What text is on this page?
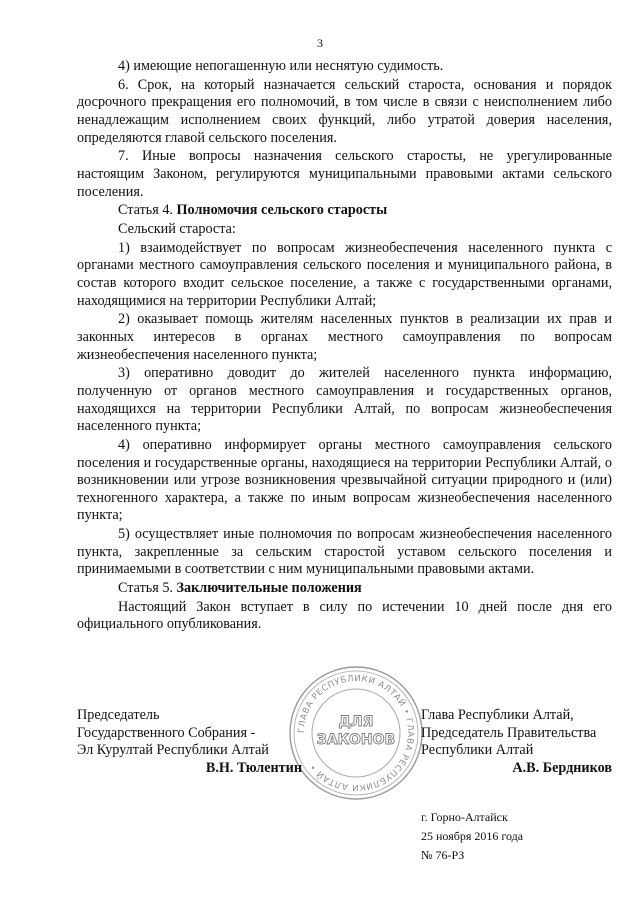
3

4) имеющие непогашенную или неснятую судимость.

6. Срок, на который назначается сельский староста, основания и порядок досрочного прекращения его полномочий, в том числе в связи с неисполнением либо ненадлежащим исполнением своих функций, либо утратой доверия населения, определяются главой сельского поселения.

7. Иные вопросы назначения сельского старосты, не урегулированные настоящим Законом, регулируются муниципальными правовыми актами сельского поселения.

Статья 4. Полномочия сельского старосты

Сельский староста:

1) взаимодействует по вопросам жизнеобеспечения населенного пункта с органами местного самоуправления сельского поселения и муниципального района, в состав которого входит сельское поселение, а также с государственными органами, находящимися на территории Республики Алтай;

2) оказывает помощь жителям населенных пунктов в реализации их прав и законных интересов в органах местного самоуправления по вопросам жизнеобеспечения населенного пункта;

3) оперативно доводит до жителей населенного пункта информацию, полученную от органов местного самоуправления и государственных органов, находящихся на территории Республики Алтай, по вопросам жизнеобеспечения населенного пункта;

4) оперативно информирует органы местного самоуправления сельского поселения и государственные органы, находящиеся на территории Республики Алтай, о возникновении или угрозе возникновения чрезвычайной ситуации природного и (или) техногенного характера, а также по иным вопросам жизнеобеспечения населенного пункта;

5) осуществляет иные полномочия по вопросам жизнеобеспечения населенного пункта, закрепленные за сельским старостой уставом сельского поселения и принимаемыми в соответствии с ним муниципальными правовыми актами.

Статья 5. Заключительные положения

Настоящий Закон вступает в силу по истечении 10 дней после дня его официального опубликования.

ГЛАВА РЕСПУБЛИКИ АЛТАЙ • ГЛАВА РЕСПУБЛИКИ АЛТАЙ •
ДЛЯ
ЗАКОНОВ
Председатель
Государственного Собрания -
Эл Курултай Республики Алтай
В.Н. Тюлентин
Глава Республики Алтай,
Председатель Правительства
Республики Алтай
А.В. Бердников
г. Горно-Алтайск
25 ноября 2016 года
№ 76-РЗ
